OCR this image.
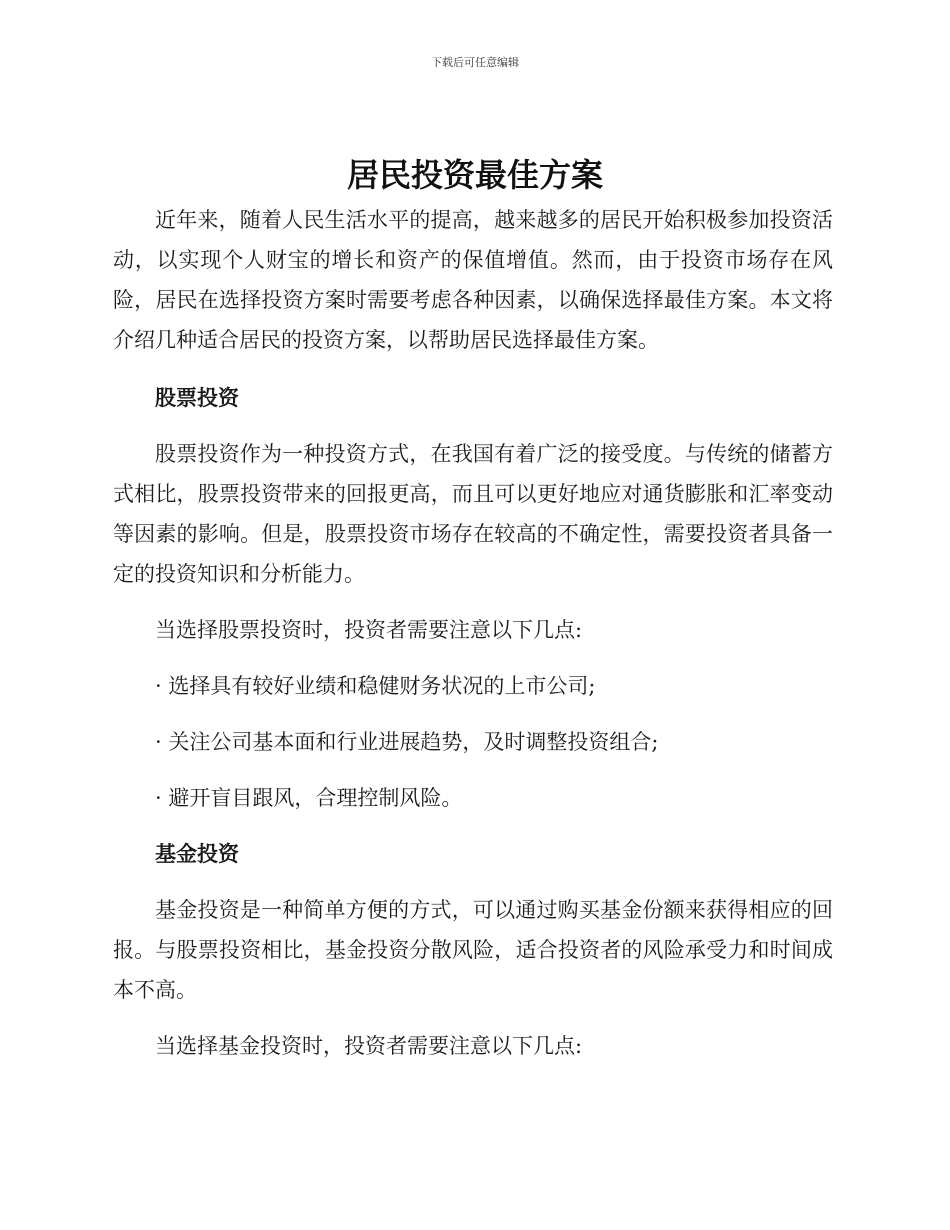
下载后可任意编辑
居民投资最佳方案

近年来，随着人民生活水平的提高，越来越多的居民开始积极参加投资活动，以实现个人财宝的增长和资产的保值增值。然而，由于投资市场存在风险，居民在选择投资方案时需要考虑各种因素，以确保选择最佳方案。本文将介绍几种适合居民的投资方案，以帮助居民选择最佳方案。

股票投资

股票投资作为一种投资方式，在我国有着广泛的接受度。与传统的储蓄方式相比，股票投资带来的回报更高，而且可以更好地应对通货膨胀和汇率变动等因素的影响。但是，股票投资市场存在较高的不确定性，需要投资者具备一定的投资知识和分析能力。

当选择股票投资时，投资者需要注意以下几点:

· 选择具有较好业绩和稳健财务状况的上市公司;

· 关注公司基本面和行业进展趋势，及时调整投资组合;

· 避开盲目跟风，合理控制风险。

基金投资

基金投资是一种简单方便的方式，可以通过购买基金份额来获得相应的回报。与股票投资相比，基金投资分散风险，适合投资者的风险承受力和时间成本不高。

当选择基金投资时，投资者需要注意以下几点:
